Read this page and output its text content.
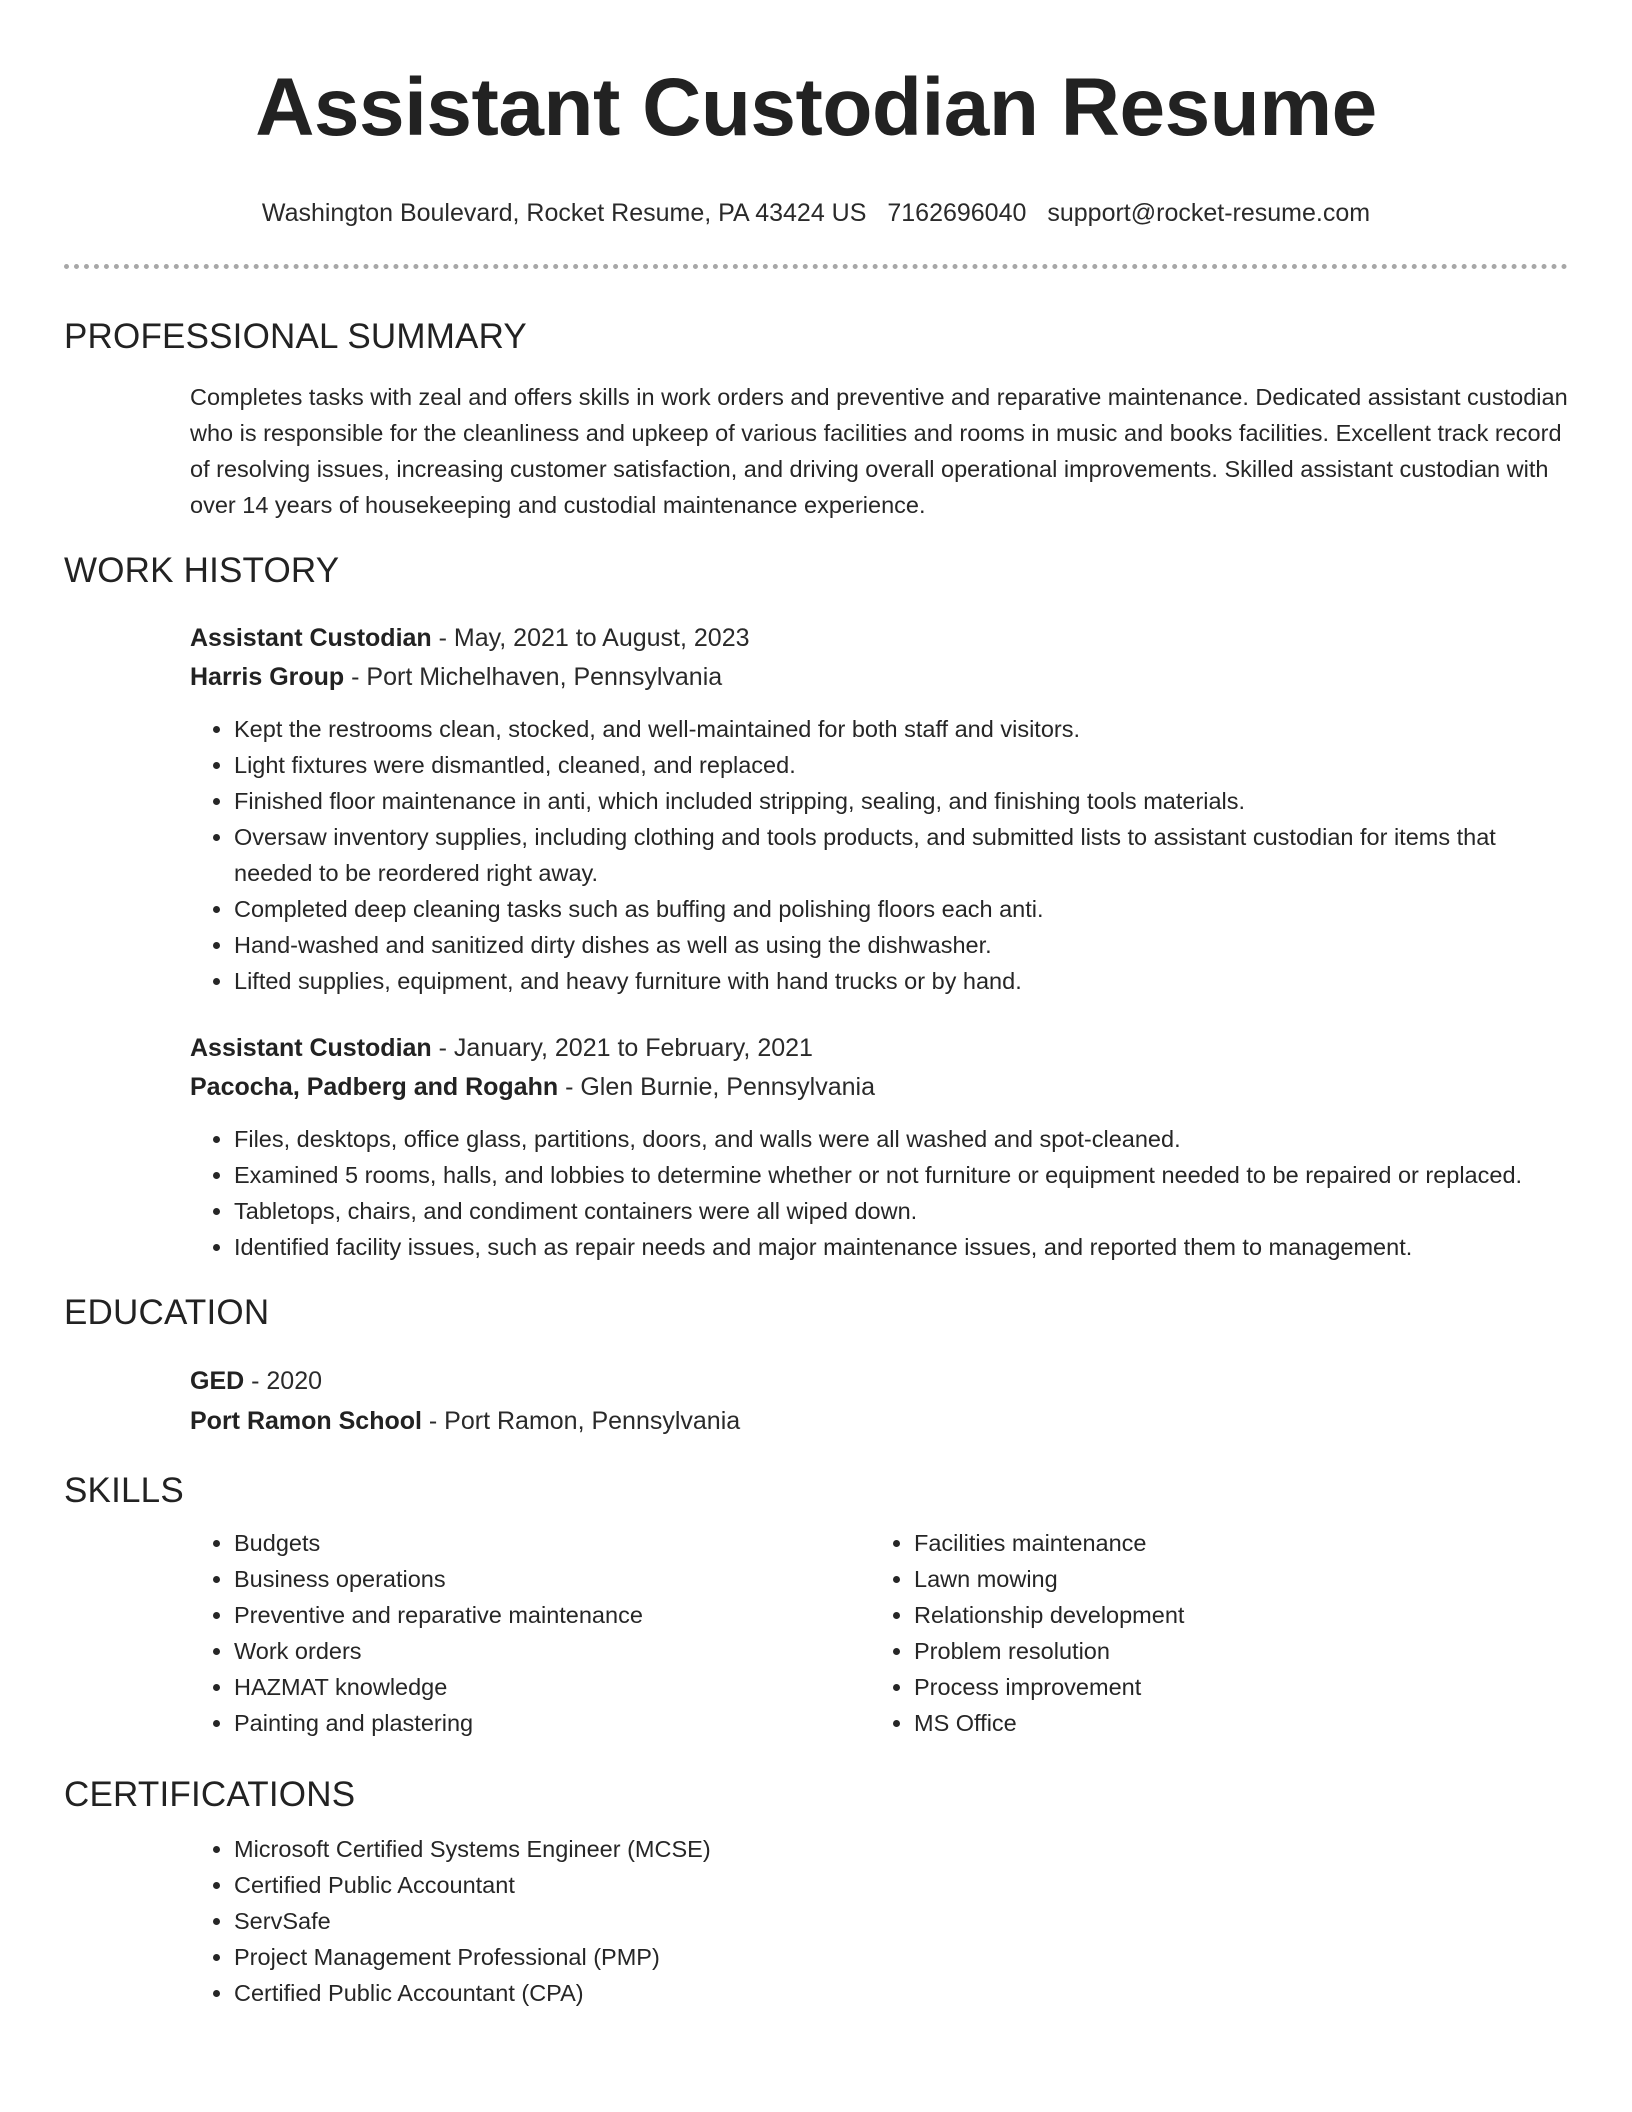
Assistant Custodian Resume
Washington Boulevard, Rocket Resume, PA 43424 US 7162696040 support@rocket-resume.com
PROFESSIONAL SUMMARY
Completes tasks with zeal and offers skills in work orders and preventive and reparative maintenance. Dedicated assistant custodian who is responsible for the cleanliness and upkeep of various facilities and rooms in music and books facilities. Excellent track record of resolving issues, increasing customer satisfaction, and driving overall operational improvements. Skilled assistant custodian with over 14 years of housekeeping and custodial maintenance experience.
WORK HISTORY
Assistant Custodian - May, 2021 to August, 2023
Harris Group - Port Michelhaven, Pennsylvania
• Kept the restrooms clean, stocked, and well-maintained for both staff and visitors.
• Light fixtures were dismantled, cleaned, and replaced.
• Finished floor maintenance in anti, which included stripping, sealing, and finishing tools materials.
• Oversaw inventory supplies, including clothing and tools products, and submitted lists to assistant custodian for items that needed to be reordered right away.
• Completed deep cleaning tasks such as buffing and polishing floors each anti.
• Hand-washed and sanitized dirty dishes as well as using the dishwasher.
• Lifted supplies, equipment, and heavy furniture with hand trucks or by hand.
Assistant Custodian - January, 2021 to February, 2021
Pacocha, Padberg and Rogahn - Glen Burnie, Pennsylvania
• Files, desktops, office glass, partitions, doors, and walls were all washed and spot-cleaned.
• Examined 5 rooms, halls, and lobbies to determine whether or not furniture or equipment needed to be repaired or replaced.
• Tabletops, chairs, and condiment containers were all wiped down.
• Identified facility issues, such as repair needs and major maintenance issues, and reported them to management.
EDUCATION
GED - 2020
Port Ramon School - Port Ramon, Pennsylvania
SKILLS
• Budgets
• Business operations
• Preventive and reparative maintenance
• Work orders
• HAZMAT knowledge
• Painting and plastering
• Facilities maintenance
• Lawn mowing
• Relationship development
• Problem resolution
• Process improvement
• MS Office
CERTIFICATIONS
• Microsoft Certified Systems Engineer (MCSE)
• Certified Public Accountant
• ServSafe
• Project Management Professional (PMP)
• Certified Public Accountant (CPA)
